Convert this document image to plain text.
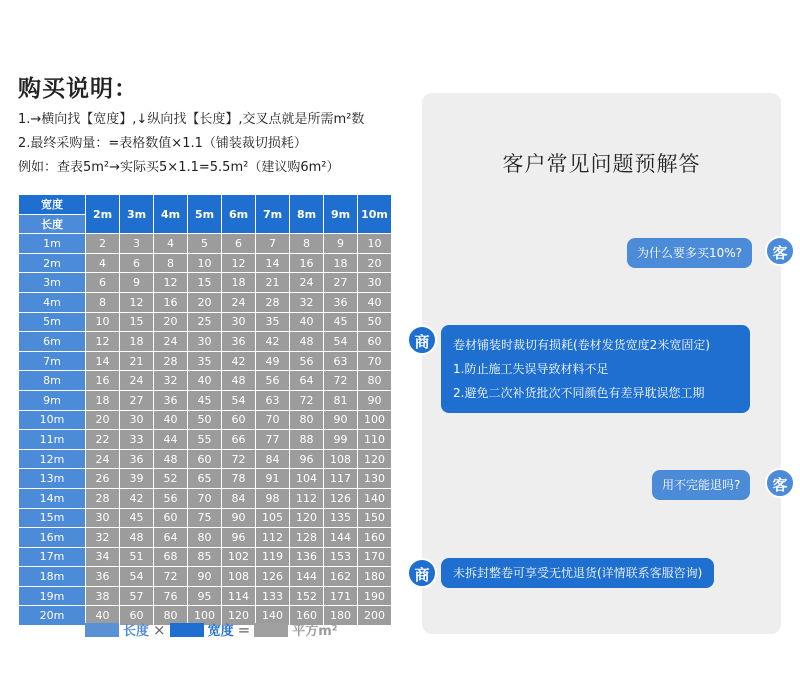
购买说明：
1.→横向找【宽度】,↓纵向找【长度】,交叉点就是所需m²数
2.最终采购量：=表格数值×1.1（铺装裁切损耗）
例如：查表5m²→实际买5×1.1=5.5m²（建议购6m²）
宽度	2m	3m	4m	5m	6m	7m	8m	9m	10m
长度									
1m	2	3	4	5	6	7	8	9	10
2m	4	6	8	10	12	14	16	18	20
3m	6	9	12	15	18	21	24	27	30
4m	8	12	16	20	24	28	32	36	40
5m	10	15	20	25	30	35	40	45	50
6m	12	18	24	30	36	42	48	54	60
7m	14	21	28	35	42	49	56	63	70
8m	16	24	32	40	48	56	64	72	80
9m	18	27	36	45	54	63	72	81	90
10m	20	30	40	50	60	70	80	90	100
11m	22	33	44	55	66	77	88	99	110
12m	24	36	48	60	72	84	96	108	120
13m	26	39	52	65	78	91	104	117	130
14m	28	42	56	70	84	98	112	126	140
15m	30	45	60	75	90	105	120	135	150
16m	32	48	64	80	96	112	128	144	160
17m	34	51	68	85	102	119	136	153	170
18m	36	54	72	90	108	126	144	162	180
19m	38	57	76	95	114	133	152	171	190
20m	40	60	80	100	120	140	160	180	200
长度 ×	宽度 =	平方m²
客户常见问题预解答
为什么要多买10%?	客
商	卷材铺装时裁切有损耗(卷材发货宽度2米宽固定)
1.防止施工失误导致材料不足
2.避免二次补货批次不同颜色有差异耽误您工期
用不完能退吗?	客
商	未拆封整卷可享受无忧退货(详情联系客服咨询)
